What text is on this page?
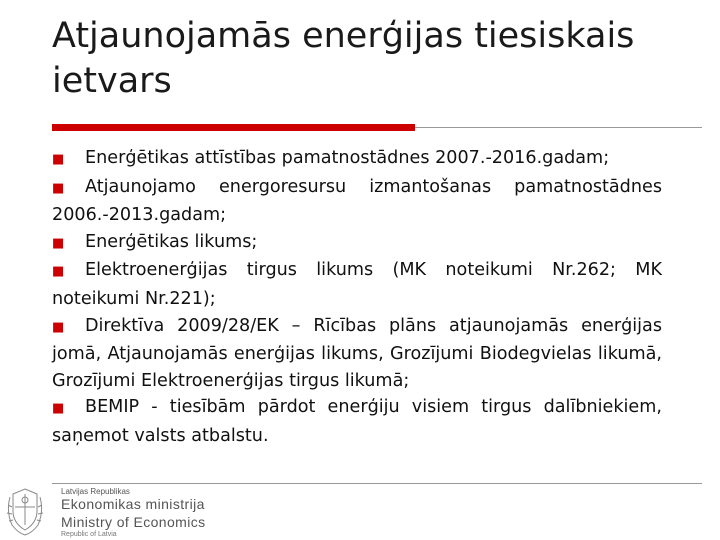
Atjaunojamās enerģijas tiesiskais ietvars

■ Enerģētikas attīstības pamatnostādnes 2007.-2016.gadam;

■ Atjaunojamo energoresursu izmantošanas pamatnostādnes 2006.-2013.gadam;

■ Enerģētikas likums;

■ Elektroenerģijas tirgus likums (MK noteikumi Nr.262; MK noteikumi Nr.221);

■ Direktīva 2009/28/EK – Rīcības plāns atjaunojamās enerģijas jomā, Atjaunojamās enerģijas likums, Grozījumi Biodegvielas likumā, Grozījumi Elektroenerģijas tirgus likumā;

■ BEMIP - tiesībām pārdot enerģiju visiem tirgus dalībniekiem, saņemot valsts atbalstu.

Latvijas Republikas
Ekonomikas ministrija
Ministry of Economics
Republic of Latvia
